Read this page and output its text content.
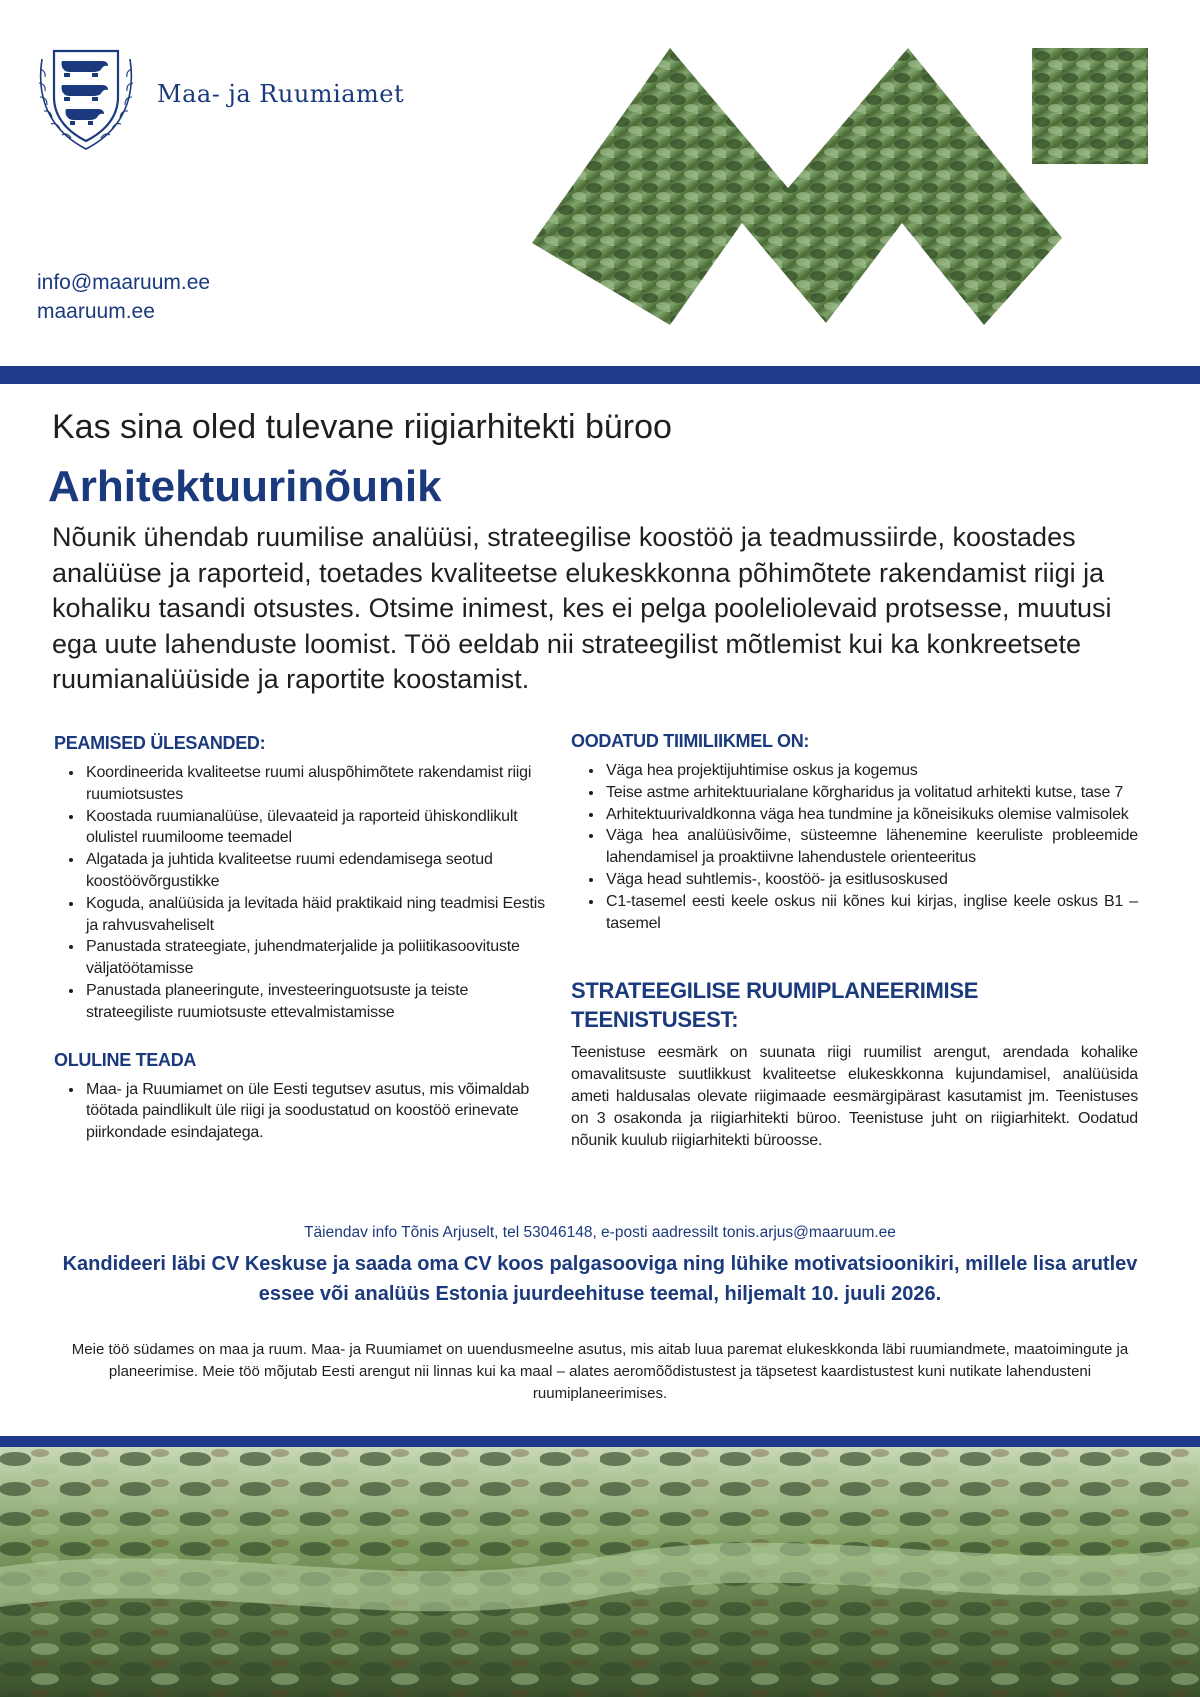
Maa- ja Ruumiamet
info@maaruum.ee
maaruum.ee
Kas sina oled tulevane riigiarhitekti büroo
Arhitektuurinõunik
Nõunik ühendab ruumilise analüüsi, strateegilise koostöö ja teadmussiirde, koostades analüüse ja raporteid, toetades kvaliteetse elukeskkonna põhimõtete rakendamist riigi ja kohaliku tasandi otsustes. Otsime inimest, kes ei pelga pooleliolevaid protsesse, muutusi ega uute lahenduste loomist. Töö eeldab nii strateegilist mõtlemist kui ka konkreetsete ruumianalüüside ja raportite koostamist.
PEAMISED ÜLESANDED:
• Koordineerida kvaliteetse ruumi aluspõhimõtete rakendamist riigi ruumiotsustes
• Koostada ruumianalüüse, ülevaateid ja raporteid ühiskondlikult olulistel ruumiloome teemadel
• Algatada ja juhtida kvaliteetse ruumi edendamisega seotud koostöövõrgustikke
• Koguda, analüüsida ja levitada häid praktikaid ning teadmisi Eestis ja rahvusvaheliselt
• Panustada strateegiate, juhendmaterjalide ja poliitikasoovituste väljatöötamisse
• Panustada planeeringute, investeeringuotsuste ja teiste strateegiliste ruumiotsuste ettevalmistamisse
OLULINE TEADA
• Maa- ja Ruumiamet on üle Eesti tegutsev asutus, mis võimaldab töötada paindlikult üle riigi ja soodustatud on koostöö erinevate piirkondade esindajatega.
OODATUD TIIMILIIKMEL ON:
• Väga hea projektijuhtimise oskus ja kogemus
• Teise astme arhitektuurialane kõrgharidus ja volitatud arhitekti kutse, tase 7
• Arhitektuurivaldkonna väga hea tundmine ja kõneisikuks olemise valmisolek
• Väga hea analüüsivõime, süsteemne lähenemine keeruliste probleemide lahendamisel ja proaktiivne lahendustele orienteeritus
• Väga head suhtlemis-, koostöö- ja esitlusoskused
• C1-tasemel eesti keele oskus nii kõnes kui kirjas, inglise keele oskus B1 – tasemel
STRATEEGILISE RUUMIPLANEERIMISE TEENISTUSEST:
Teenistuse eesmärk on suunata riigi ruumilist arengut, arendada kohalike omavalitsuste suutlikkust kvaliteetse elukeskkonna kujundamisel, analüüsida ameti haldusalas olevate riigimaade eesmärgipärast kasutamist jm. Teenistuses on 3 osakonda ja riigiarhitekti büroo. Teenistuse juht on riigiarhitekt. Oodatud nõunik kuulub riigiarhitekti büroosse.
Täiendav info Tõnis Arjuselt, tel 53046148, e-posti aadressilt tonis.arjus@maaruum.ee
Kandideeri läbi CV Keskuse ja saada oma CV koos palgasooviga ning lühike motivatsioonikiri, millele lisa arutlev essee või analüüs Estonia juurdeehituse teemal, hiljemalt 10. juuli 2026.
Meie töö südames on maa ja ruum. Maa- ja Ruumiamet on uuendusmeelne asutus, mis aitab luua paremat elukeskkonda läbi ruumiandmete, maatoimingute ja planeerimise. Meie töö mõjutab Eesti arengut nii linnas kui ka maal – alates aeromõõdistustest ja täpsetest kaardistustest kuni nutikate lahendusteni ruumiplaneerimises.
